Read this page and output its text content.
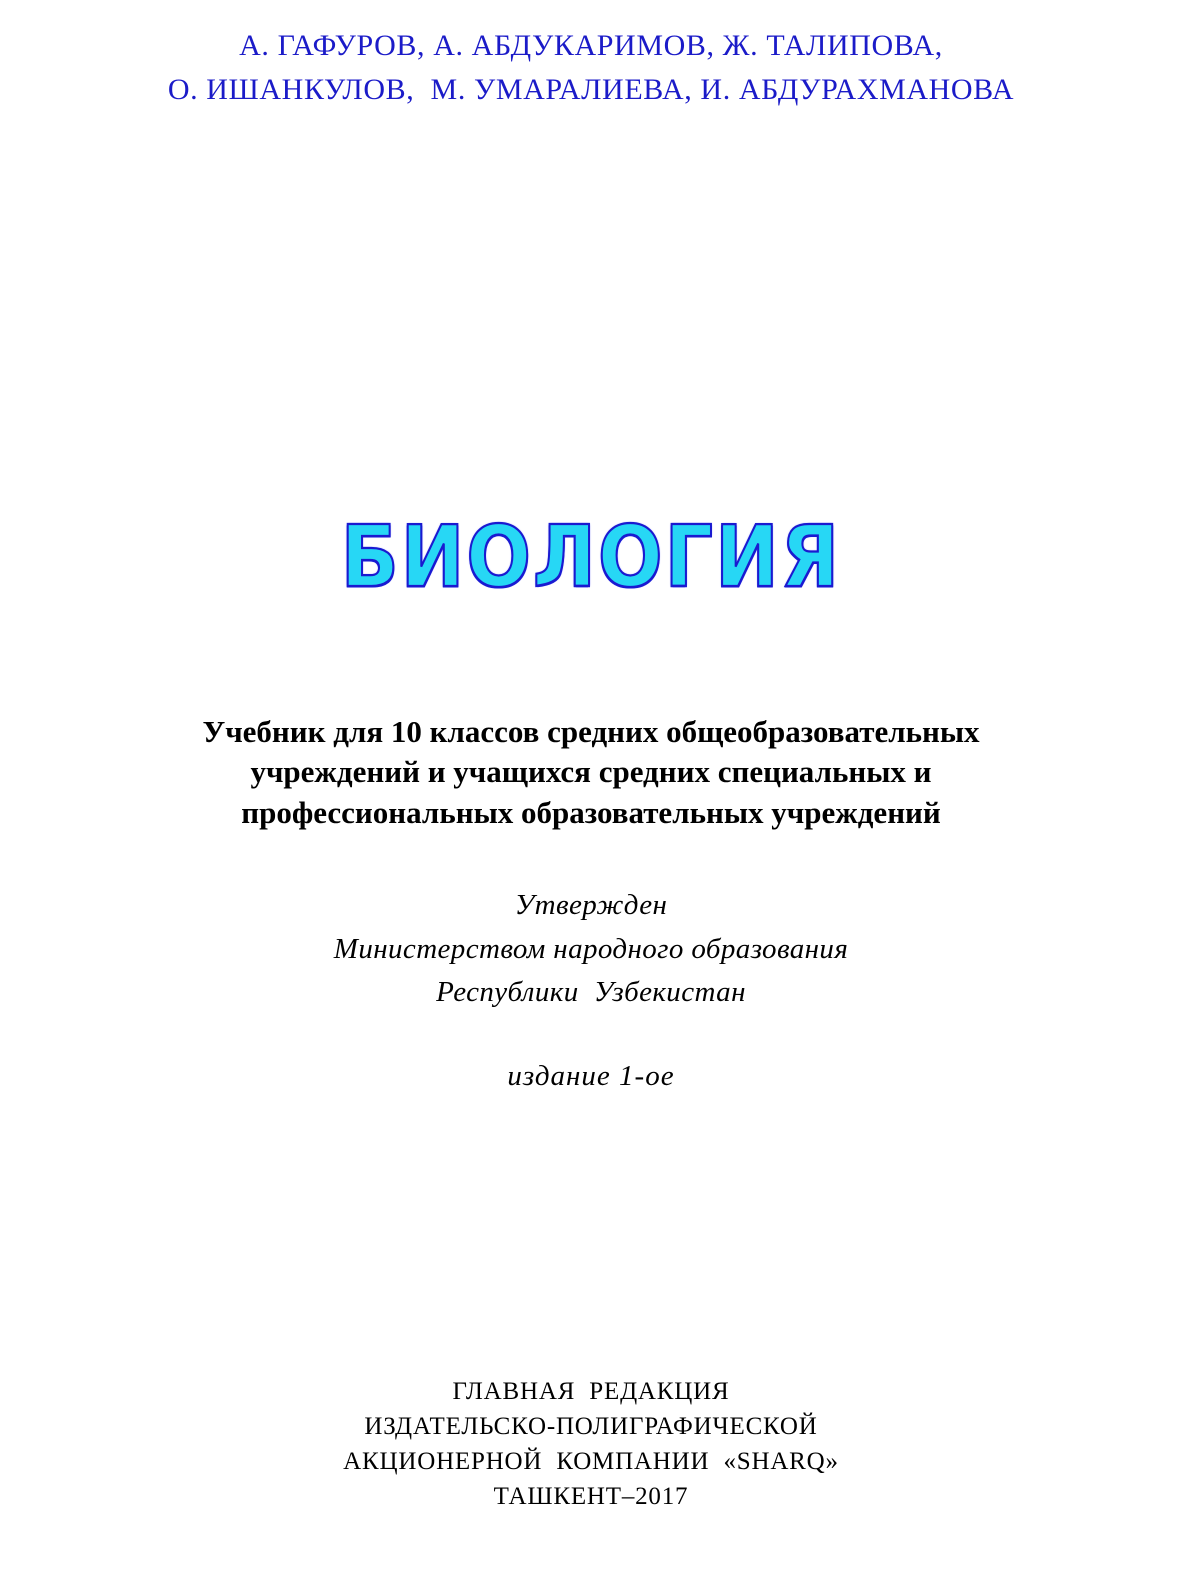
А. ГАФУРОВ, А. АБДУКАРИМОВ, Ж. ТАЛИПОВА,
О. ИШАНКУЛОВ,  М. УМАРАЛИЕВА, И. АБДУРАХМАНОВА
БИОЛОГИЯ
Учебник для 10 классов средних общеобразовательных
учреждений и учащихся средних специальных и
профессиональных образовательных учреждений
Утвержден
Министерством народного образования
Республики  Узбекистан
издание 1-ое
ГЛАВНАЯ  РЕДАКЦИЯ
ИЗДАТЕЛЬСКО-ПОЛИГРАФИЧЕСКОЙ
АКЦИОНЕРНОЙ  КОМПАНИИ  «SHARQ»
ТАШКЕНТ–2017
